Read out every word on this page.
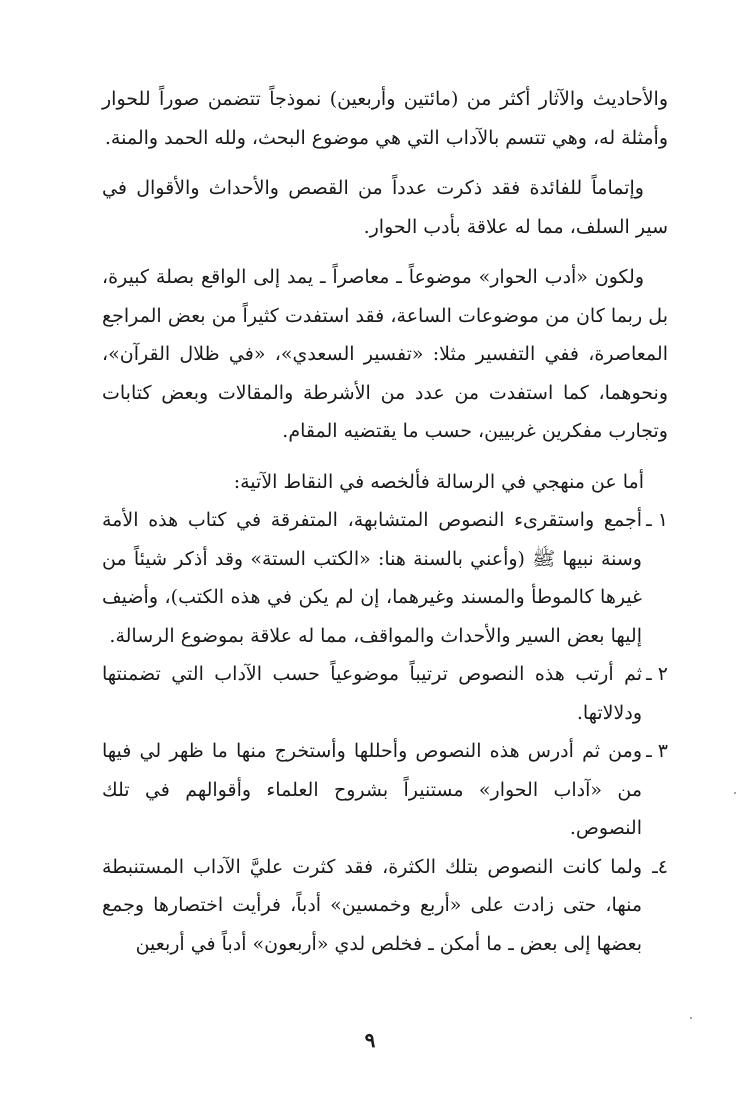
والأحاديث والآثار أكثر من (مائتين وأربعين) نموذجاً تتضمن صوراً للحوار وأمثلة له، وهي تتسم بالآداب التي هي موضوع البحث، ولله الحمد والمنة.

وإتماماً للفائدة فقد ذكرت عدداً من القصص والأحداث والأقوال في سير السلف، مما له علاقة بأدب الحوار.

ولكون «أدب الحوار» موضوعاً ـ معاصراً ـ يمد إلى الواقع بصلة كبيرة، بل ربما كان من موضوعات الساعة، فقد استفدت كثيراً من بعض المراجع المعاصرة، ففي التفسير مثلا: «تفسير السعدي»، «في ظلال القرآن»، ونحوهما، كما استفدت من عدد من الأشرطة والمقالات وبعض كتابات وتجارب مفكرين غربيين، حسب ما يقتضيه المقام.

أما عن منهجي في الرسالة فألخصه في النقاط الآتية:

١ ـ
أجمع واستقرىء النصوص المتشابهة، المتفرقة في كتاب هذه الأمة وسنة نبيها ﷺ (وأعني بالسنة هنا: «الكتب الستة» وقد أذكر شيئاً من غيرها كالموطأ والمسند وغيرهما، إن لم يكن في هذه الكتب)، وأضيف إليها بعض السير والأحداث والمواقف، مما له علاقة بموضوع الرسالة.
٢ ـ
ثم أرتب هذه النصوص ترتيباً موضوعياً حسب الآداب التي تضمنتها ودلالاتها.
٣ ـ
ومن ثم أدرس هذه النصوص وأحللها وأستخرج منها ما ظهر لي فيها من «آداب الحوار» مستنيراً بشروح العلماء وأقوالهم في تلك النصوص.
٤ـ
ولما كانت النصوص بتلك الكثرة، فقد كثرت عليَّ الآداب المستنبطة منها، حتى زادت على «أربع وخمسين» أدباً، فرأيت اختصارها وجمع بعضها إلى بعض ـ ما أمكن ـ فخلص لدي «أربعون» أدباً في أربعين
٩
